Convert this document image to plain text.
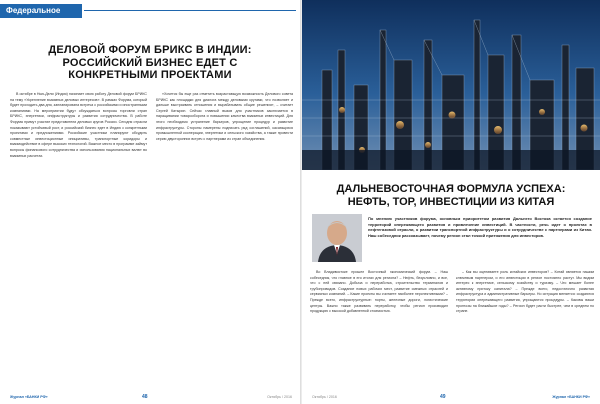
Федеральное
ДЕЛОВОЙ ФОРУМ БРИКС В ИНДИИ: РОССИЙСКИЙ БИЗНЕС ЕДЕТ С КОНКРЕТНЫМИ ПРОЕКТАМИ

В октябре в Нью-Дели (Индия) начинает свою работу Деловой форум БРИКС на тему «Укрепление взаимных деловых интересов». В рамках Форума, который будет проходить два дня, запланирована встреча с российскими и иностранными компаниями. На мероприятии будут обсуждаться вопросы торговли стран БРИКС, энергетики, инфраструктуры и развития сотрудничества. В работе Форума примут участие представители деловых кругов России. Сегодня отрасли показывают устойчивый рост, и российский бизнес едет в Индию с конкретными проектами и предложениями. Российские участники планируют обсудить совместные инвестиционные инициативы, транспортные коридоры и взаимодействие в сфере высоких технологий. Важное место в программе займут вопросы финансового сотрудничества и использования национальных валют во взаимных расчетах.

«Хочется бы еще раз отметить возрастающую возможность Делового совета БРИКС как площадки для диалога между деловыми кругами, что позволяет и дальше выстраивать отношения и вырабатывать общие решения», – считает Сергей Катырин. Сейчас главный вызов для участников заключается в наращивании товарооборота и повышении качества взаимных инвестиций. Для этого необходимо устранение барьеров, упрощение процедур и развитие инфраструктуры. Стороны намерены подписать ряд соглашений, касающихся промышленной кооперации, энергетики и сельского хозяйства, а также провести серию двусторонних встреч с партнерами из стран объединения.

Журнал «БАНКИ РФ»	48	Октябрь / 2016
ДАЛЬНЕВОСТОЧНАЯ ФОРМУЛА УСПЕХА: НЕФТЬ, ТОР, ИНВЕСТИЦИИ ИЗ КИТАЯ
По мнению участников форума, основным приоритетом развития Дальнего Востока остается создание территорий опережающего развития и привлечение инвестиций. В частности, речь идет о проектах в нефтегазовой отрасли, о развитии транспортной инфраструктуры и о сотрудничестве с партнерами из Китая. Наш собеседник рассказывает, почему регион стал точкой притяжения для инвесторов.

Во Владивостоке прошел Восточный экономический форум. – Наш собеседник, что главное в его итогах для региона? – Нефть, безусловно, и все, что с ней связано. Добыча и переработка, строительство терминалов и трубопроводов. Создание новых рабочих мест, развитие смежных отраслей и сервисных компаний. – Какие проекты вы считаете наиболее перспективными? – Прежде всего, инфраструктурные: порты, железные дороги, логистические центры. Важно также развивать переработку, чтобы регион производил продукцию с высокой добавленной стоимостью.

– Как вы оцениваете роль китайских инвесторов? – Китай является нашим ключевым партнером, и его инвестиции в регион постоянно растут. Мы видим интерес к энергетике, сельскому хозяйству и туризму. – Что мешает более активному притоку капитала? – Прежде всего, недостаточно развитая инфраструктура и административные барьеры. Но ситуация меняется: создаются территории опережающего развития, упрощаются процедуры. – Каковы ваши прогнозы на ближайшие годы? – Регион будет расти быстрее, чем в среднем по стране.

Октябрь / 2016	49	Журнал «БАНКИ РФ»
